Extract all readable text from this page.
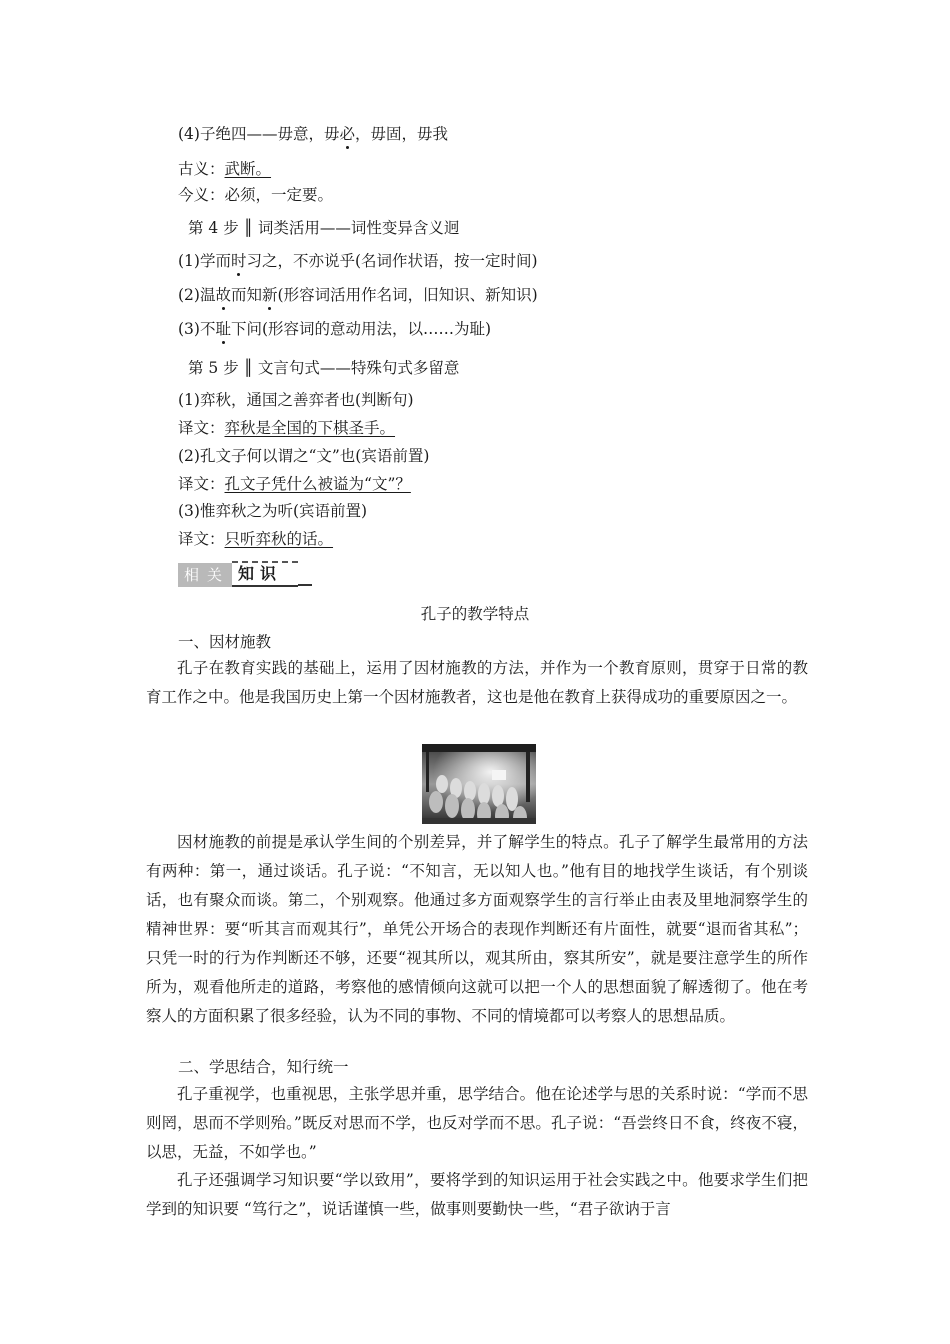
(4)子绝四——毋意，毋必，毋固，毋我
古义：武断。
今义：必须，一定要。
第 4 步 ║ 词类活用——词性变异含义迥
(1)学而时习之，不亦说乎(名词作状语，按一定时间)
(2)温故而知新(形容词活用作名词，旧知识、新知识)
(3)不耻下问(形容词的意动用法，以……为耻)
第 5 步 ║ 文言句式——特殊句式多留意
(1)弈秋，通国之善弈者也(判断句)
译文：弈秋是全国的下棋圣手。
(2)孔文子何以谓之“文”也(宾语前置)
译文：孔文子凭什么被谥为“文”？
(3)惟弈秋之为听(宾语前置)
译文：只听弈秋的话。
相关 知识
孔子的教学特点
一、因材施教
孔子在教育实践的基础上，运用了因材施教的方法，并作为一个教育原则，贯穿于日常的教育工作之中。他是我国历史上第一个因材施教者，这也是他在教育上获得成功的重要原因之一。
因材施教的前提是承认学生间的个别差异，并了解学生的特点。孔子了解学生最常用的方法有两种：第一，通过谈话。孔子说：“不知言，无以知人也。”他有目的地找学生谈话，有个别谈话，也有聚众而谈。第二，个别观察。他通过多方面观察学生的言行举止由表及里地洞察学生的精神世界：要“听其言而观其行”，单凭公开场合的表现作判断还有片面性，就要“退而省其私”；只凭一时的行为作判断还不够，还要“视其所以，观其所由，察其所安”，就是要注意学生的所作所为，观看他所走的道路，考察他的感情倾向这就可以把一个人的思想面貌了解透彻了。他在考察人的方面积累了很多经验，认为不同的事物、不同的情境都可以考察人的思想品质。
二、学思结合，知行统一
孔子重视学，也重视思，主张学思并重，思学结合。他在论述学与思的关系时说：“学而不思则罔，思而不学则殆。”既反对思而不学，也反对学而不思。孔子说：“吾尝终日不食，终夜不寝，以思，无益，不如学也。”
孔子还强调学习知识要“学以致用”，要将学到的知识运用于社会实践之中。他要求学生们把学到的知识要 “笃行之”，说话谨慎一些，做事则要勤快一些，“君子欲讷于言
